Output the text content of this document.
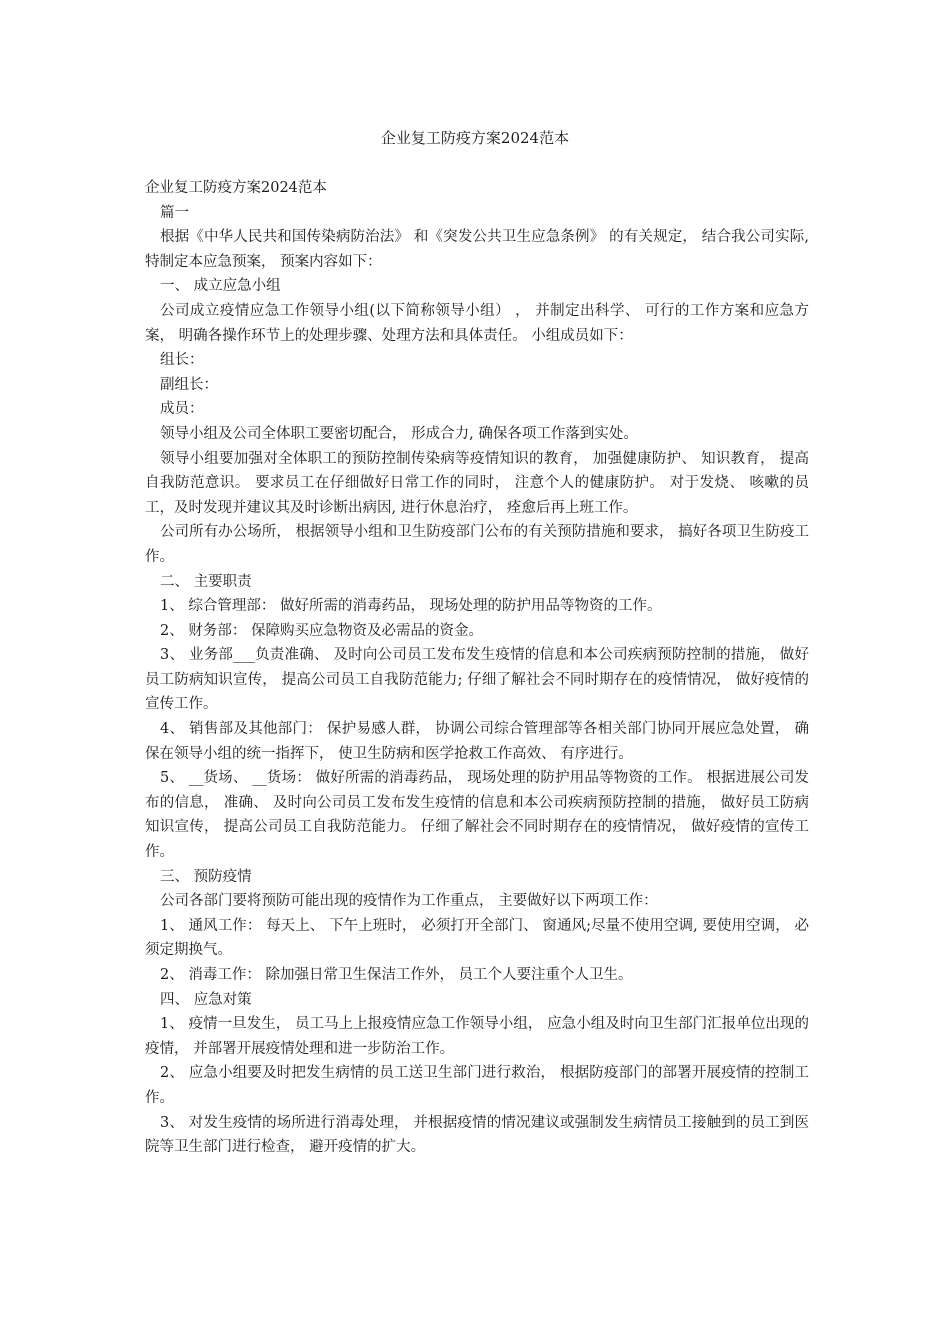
企业复工防疫方案2024范本

企业复工防疫方案2024范本

篇一

根据《中华人民共和国传染病防治法》 和《突发公共卫生应急条例》 的有关规定， 结合我公司实际, 特制定本应急预案， 预案内容如下：

一、 成立应急小组

公司成立疫情应急工作领导小组(以下简称领导小组） ， 并制定出科学、 可行的工作方案和应急方案， 明确各操作环节上的处理步骤、处理方法和具体责任。 小组成员如下：

组长：

副组长：

成员：

领导小组及公司全体职工要密切配合， 形成合力, 确保各项工作落到实处。

领导小组要加强对全体职工的预防控制传染病等疫情知识的教育， 加强健康防护、 知识教育， 提高自我防范意识。 要求员工在仔细做好日常工作的同时， 注意个人的健康防护。 对于发烧、 咳嗽的员工，及时发现并建议其及时诊断出病因, 进行休息治疗， 痊愈后再上班工作。

公司所有办公场所， 根据领导小组和卫生防疫部门公布的有关预防措施和要求， 搞好各项卫生防疫工作。

二、 主要职责

1、 综合管理部： 做好所需的消毒药品， 现场处理的防护用品等物资的工作。

2、 财务部： 保障购买应急物资及必需品的资金。

3、 业务部___负责准确、 及时向公司员工发布发生疫情的信息和本公司疾病预防控制的措施， 做好员工防病知识宣传， 提高公司员工自我防范能力; 仔细了解社会不同时期存在的疫情情况， 做好疫情的宣传工作。

4、 销售部及其他部门： 保护易感人群， 协调公司综合管理部等各相关部门协同开展应急处置， 确保在领导小组的统一指挥下， 使卫生防病和医学抢救工作高效、 有序进行。

5、 __货场、 __货场： 做好所需的消毒药品， 现场处理的防护用品等物资的工作。 根据进展公司发布的信息， 准确、 及时向公司员工发布发生疫情的信息和本公司疾病预防控制的措施， 做好员工防病知识宣传， 提高公司员工自我防范能力。 仔细了解社会不同时期存在的疫情情况， 做好疫情的宣传工作。

三、 预防疫情

公司各部门要将预防可能出现的疫情作为工作重点， 主要做好以下两项工作：

1、 通风工作： 每天上、 下午上班时， 必须打开全部门、 窗通风;尽量不使用空调, 要使用空调， 必须定期换气。

2、 消毒工作： 除加强日常卫生保洁工作外， 员工个人要注重个人卫生。

四、 应急对策

1、 疫情一旦发生， 员工马上上报疫情应急工作领导小组， 应急小组及时向卫生部门汇报单位出现的疫情， 并部署开展疫情处理和进一步防治工作。

2、 应急小组要及时把发生病情的员工送卫生部门进行救治， 根据防疫部门的部署开展疫情的控制工作。

3、 对发生疫情的场所进行消毒处理， 并根据疫情的情况建议或强制发生病情员工接触到的员工到医院等卫生部门进行检查， 避开疫情的扩大。
